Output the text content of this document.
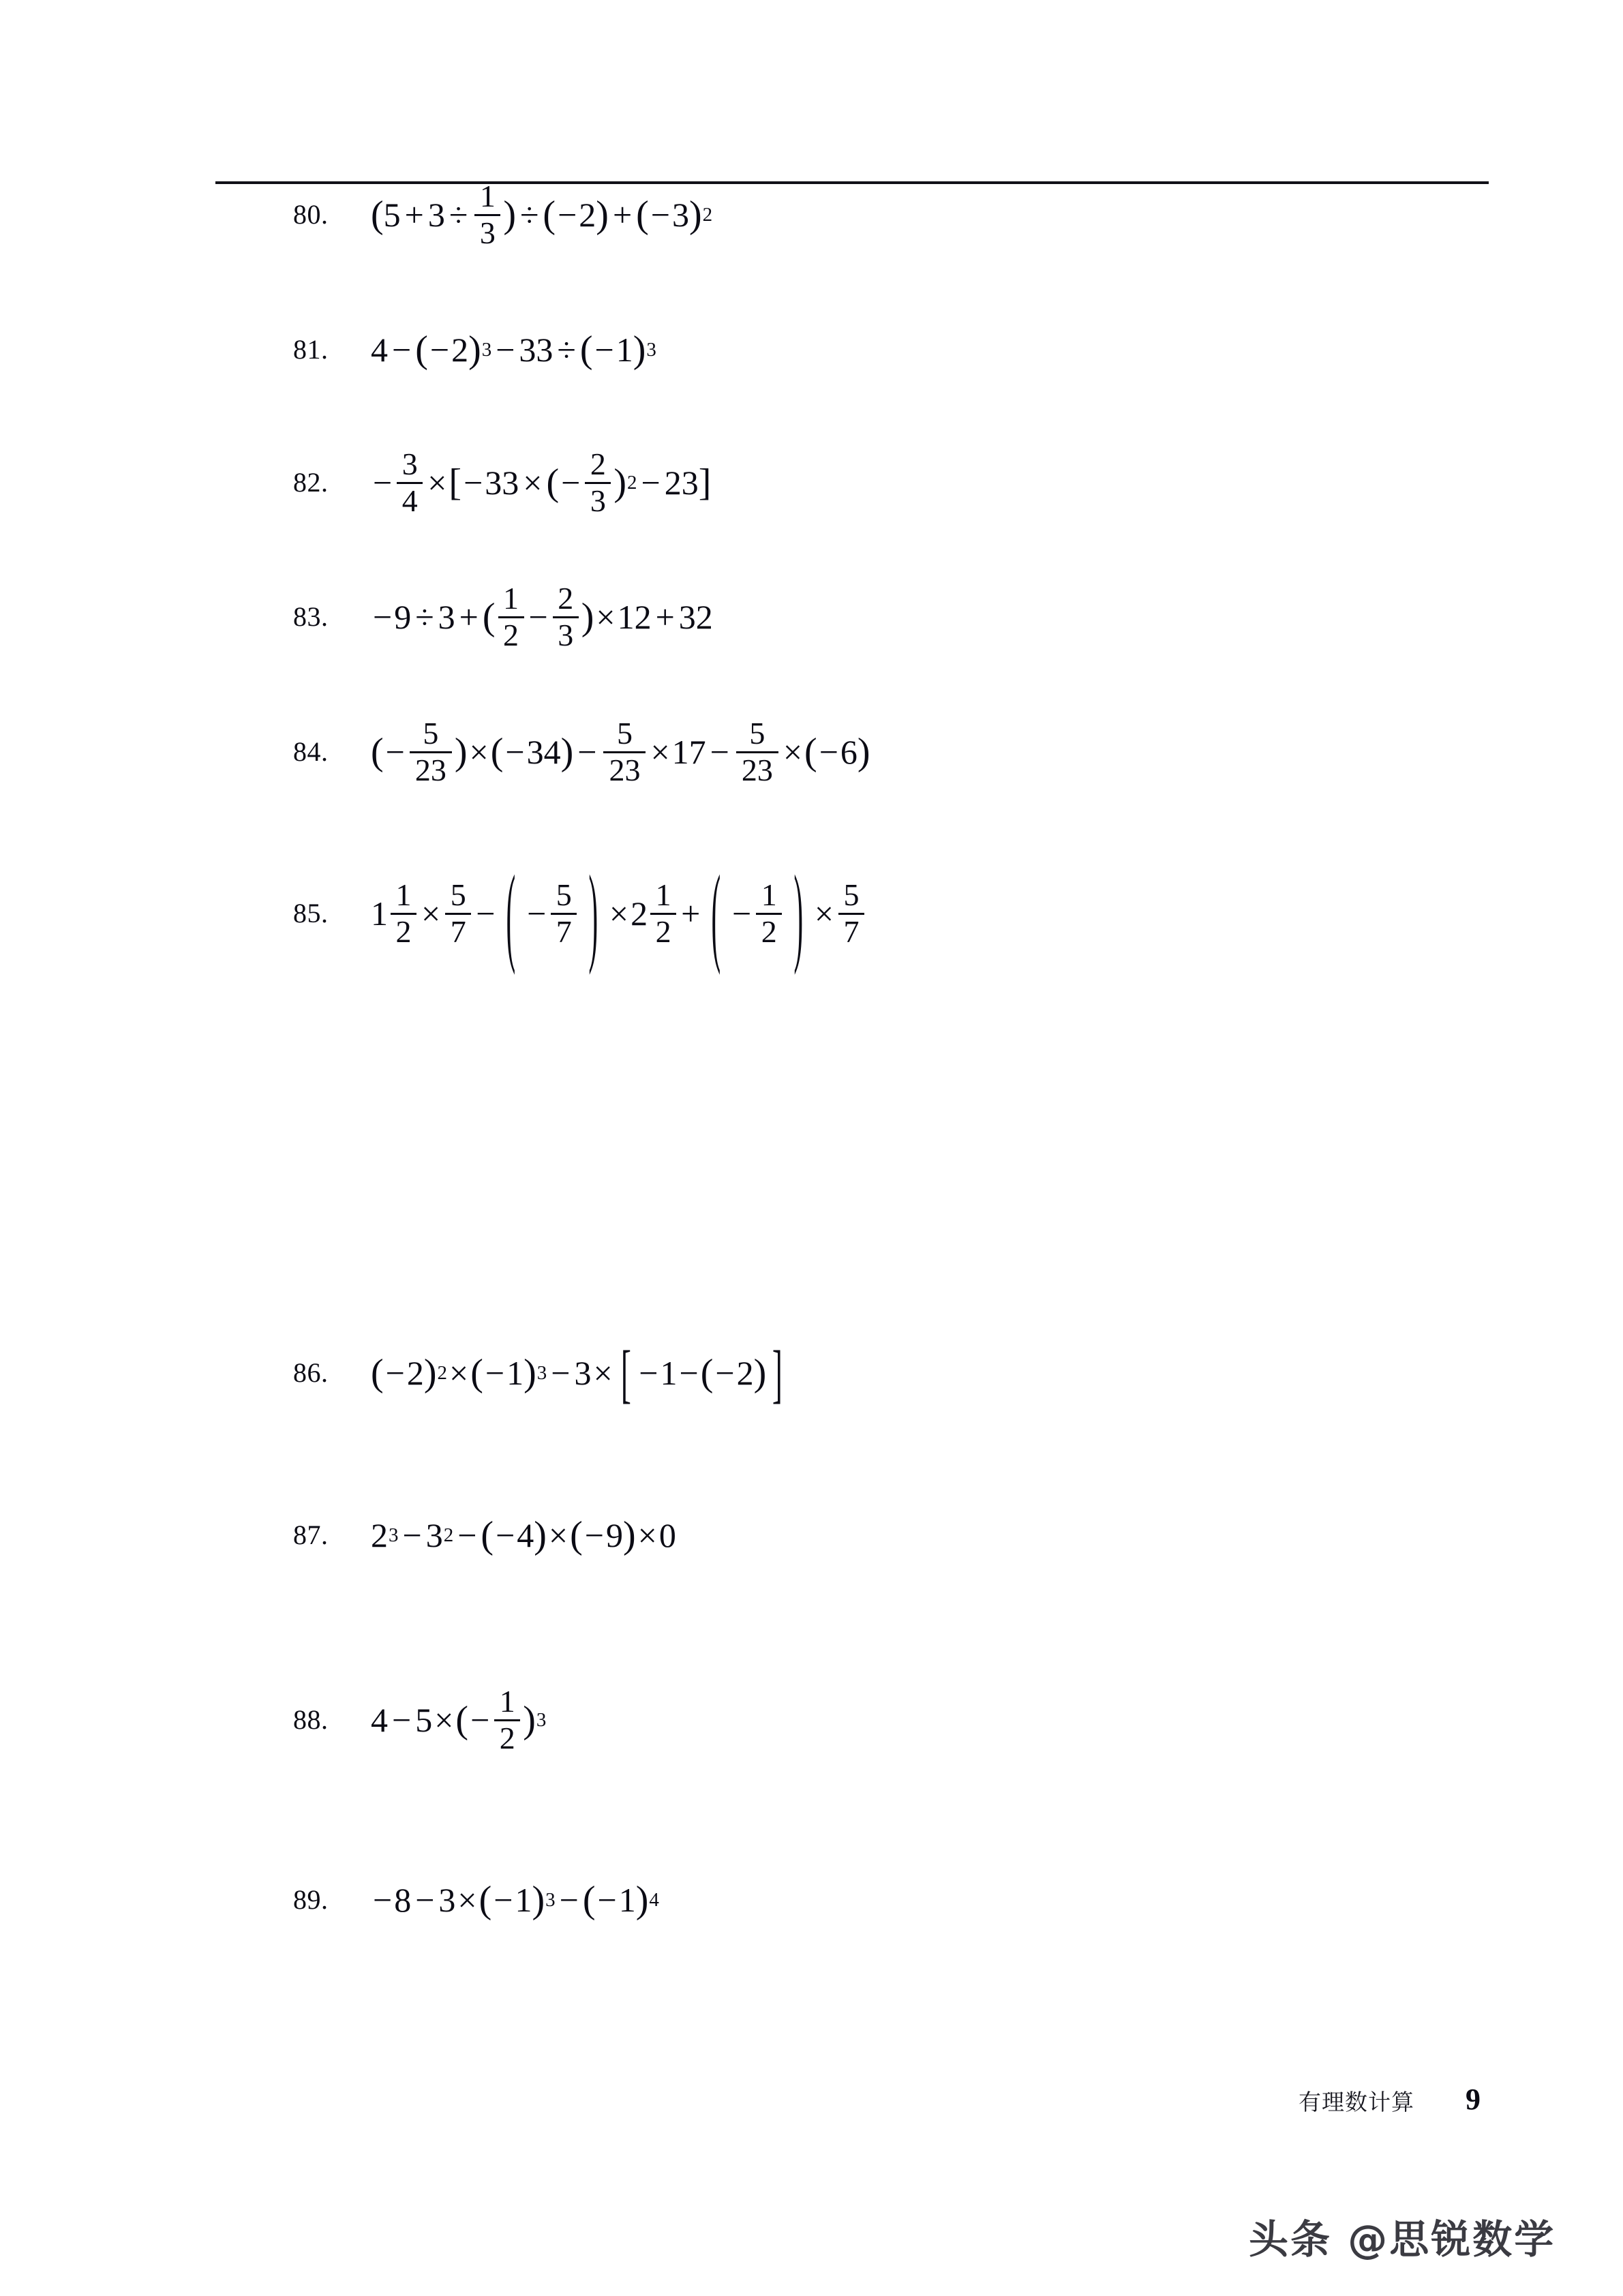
80.	( $5 + 3 \div \frac{1}{3}$ ) ÷ ( − 2 ) + ( − 3 ) 2
81.	4 − ( − 2 ) 3 − 33 ÷ ( − 1 ) 3
82.	− $\frac{3}{4}$ × [ − 33 × ( − $\frac{2}{3}$ ) 2 − 23 ]
83.	− 9 ÷ 3 + ( $\frac{1}{2} - \frac{2}{3}$ ) × 12 + 32
84.	( − $\frac{5}{23}$ ) × ( − 34 ) − $\frac{5}{23} \times 17 - \frac{5}{23}$ × ( − 6 )
85.	$1 \frac{1}{2} \times \frac{5}{7}$ − ( − $\frac{5}{7}$ ) × $2 \frac{1}{2}$ + ( − $\frac{1}{2}$ ) × $\frac{5}{7}$
86.	( − 2 ) 2 × ( − 1 ) 3 − 3 × [ − 1 − ( − 2 ) ]
87.	2 3 − 3 2 − ( − 4 ) × ( − 9 ) × 0
88.	4 − 5 × ( − $\frac{1}{2}$ ) 3
89.	− 8 − 3 × ( − 1 ) 3 − ( − 1 ) 4
有理数计算 9
头条 @思锐数学
